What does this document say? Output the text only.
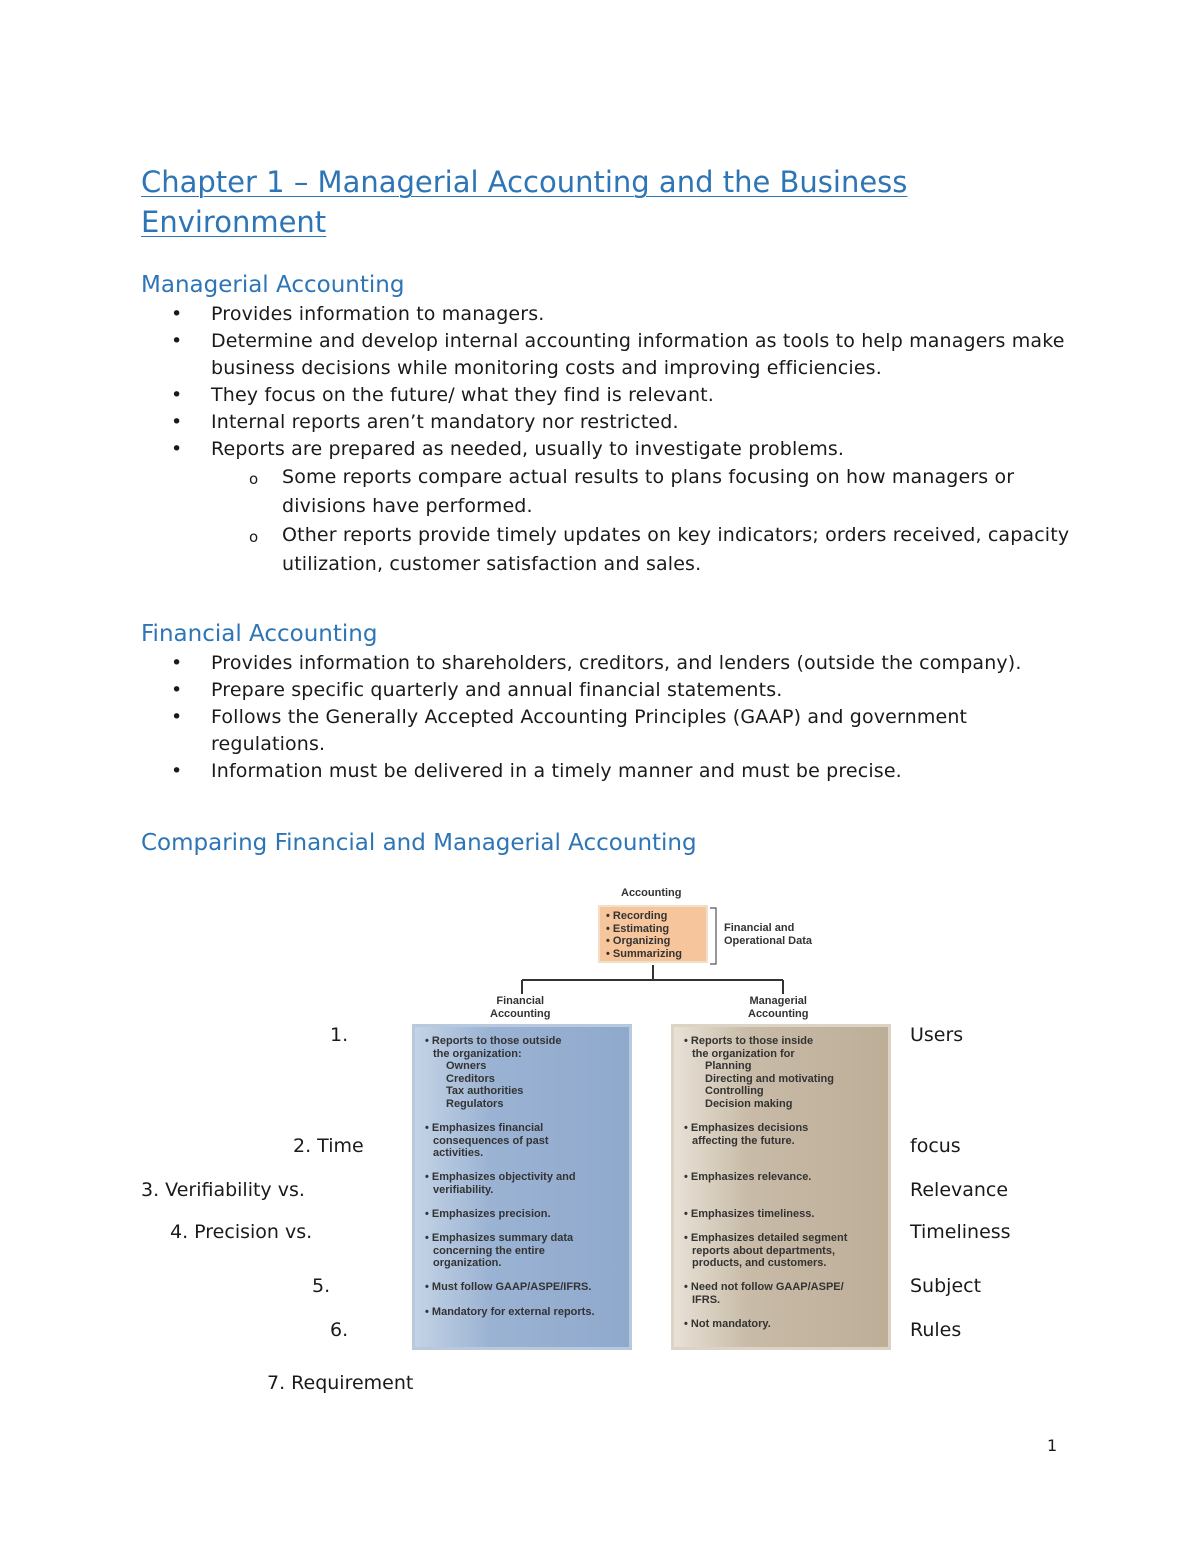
Chapter 1 – Managerial Accounting and the Business
Environment
Managerial Accounting
• Provides information to managers.
• Determine and develop internal accounting information as tools to help managers make business decisions while monitoring costs and improving efficiencies.
• They focus on the future/ what they find is relevant.
• Internal reports aren’t mandatory nor restricted.
• Reports are prepared as needed, usually to investigate problems.
o Some reports compare actual results to plans focusing on how managers or divisions have performed.
o Other reports provide timely updates on key indicators; orders received, capacity utilization, customer satisfaction and sales.
Financial Accounting
• Provides information to shareholders, creditors, and lenders (outside the company).
• Prepare specific quarterly and annual financial statements.
• Follows the Generally Accepted Accounting Principles (GAAP) and government regulations.
• Information must be delivered in a timely manner and must be precise.
Comparing Financial and Managerial Accounting
1.
2. Time
3. Verifiability vs.
4. Precision vs.
5.
6.
7. Requirement
Users
focus
Relevance
Timeliness
Subject
Rules
Accounting
• Recording
• Estimating
• Organizing
• Summarizing
Financial and
Operational Data
Financial
Accounting
Managerial
Accounting
• Reports to those outside
the organization:
Owners
Creditors
Tax authorities
Regulators
• Emphasizes financial
consequences of past
activities.
• Emphasizes objectivity and
verifiability.
• Emphasizes precision.
• Emphasizes summary data
concerning the entire
organization.
• Must follow GAAP/ASPE/IFRS.
• Mandatory for external reports.
• Reports to those inside
the organization for
Planning
Directing and motivating
Controlling
Decision making
• Emphasizes decisions
affecting the future.
• Emphasizes relevance.
• Emphasizes timeliness.
• Emphasizes detailed segment
reports about departments,
products, and customers.
• Need not follow GAAP/ASPE/
IFRS.
• Not mandatory.
1
